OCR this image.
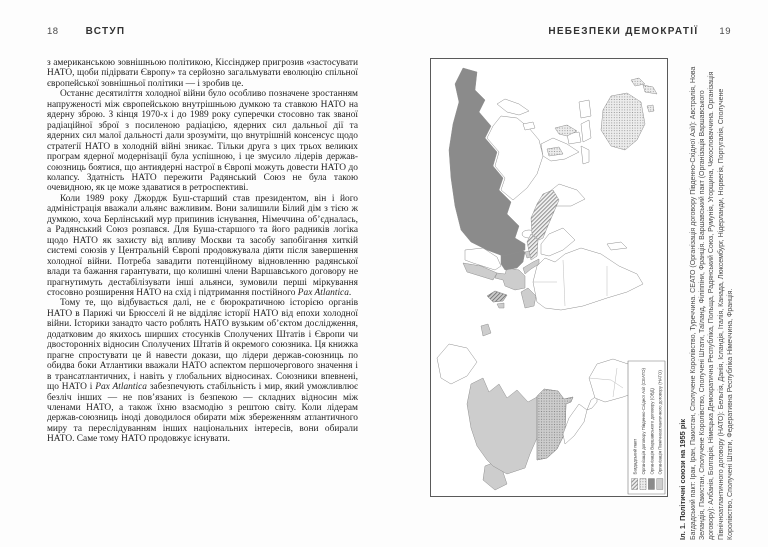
18	ВСТУП

з американською зовнішньою політикою, Кіссінджер пригрозив «застосувати НАТО, щоби підірвати Європу» та серйозно загальмувати еволюцію спільної європейської зовнішньої політики — і зробив це.

Останнє десятиліття холодної війни було особливо позначене зростанням напруженості між європейською внутрішньою думкою та ставкою НАТО на ядерну зброю. З кінця 1970-х і до 1989 року суперечки стосовно так званої радіаційної зброї з посиленою радіацією, ядерних сил дальньої дії та ядерних сил малої дальності дали зрозуміти, що внутрішній консенсус щодо стратегії НАТО в холодній війні зникає. Тільки друга з цих трьох великих програм ядерної модернізації була успішною, і це змусило лідерів держав-союзниць боятися, що антиядерні настрої в Європі можуть довести НАТО до колапсу. Здатність НАТО пережити Радянський Союз не була такою очевидною, як це може здаватися в ретроспективі.

Коли 1989 року Джордж Буш-старший став президентом, він і його адміністрація вважали альянс важливим. Вони залишили Білий дім з тією ж думкою, хоча Берлінський мур припинив існування, Німеччина об’єдналась, а Радянський Союз розпався. Для Буша-старшого та його радників логіка щодо НАТО як захисту від впливу Москви та засобу запобігання хиткій системі союзів у Центральній Європі продовжувала діяти після завершення холодної війни. Потреба завадити потенційному відновленню радянської влади та бажання гарантувати, що колишні члени Варшавського договору не прагнутимуть дестабілізувати інші альянси, зумовили перші міркування стосовно розширення НАТО на схід і підтримання постійного Pax Atlantica.

Тому те, що відбувається далі, не є бюрократичною історією органів НАТО в Парижі чи Брюсселі й не відділяє історії НАТО від епохи холодної війни. Історики занадто часто роблять НАТО вузьким об’єктом дослідження, додатковим до якихось ширших стосунків Сполучених Штатів і Європи чи двосторонніх відносин Сполучених Штатів й окремого союзника. Ця книжка прагне спростувати це й навести докази, що лідери держав-союзниць по обидва боки Атлантики вважали НАТО аспектом першочергового значення і в трансатлантичних, і навіть у глобальних відносинах. Союзники впевнені, що НАТО і Pax Atlantica забезпечують стабільність і мир, який уможливлює безліч інших — не пов’язаних із безпекою — складних відносин між членами НАТО, а також їхню взаємодію з рештою світу. Коли лідерам держав-союзниць іноді доводилося обирати між збереженням атлантичного миру та переслідуванням інших національних інтересів, вони обирали НАТО. Саме тому НАТО продовжує існувати.

НЕБЕЗПЕКИ ДЕМОКРАТІЇ 19
Багдадський пакт Організація договору Південно-Східної Азії (СЕАТО) Організація Варшавського договору (ОВД) Організація Північноатлантичного договору (НАТО) Іл. 1. Політичні союзи на 1955 рік Багдадський пакт: Ірак, Іран, Пакистан, Сполучене Королівство, Туреччина. СЕАТО (Організація договору Південно-Східної Азії): Австралія, Нова Зеландія, Пакистан, Сполучене Королівство, Сполучені Штати, Таїланд, Філіппіни, Франція. Варшавський пакт (Організація Варшавського договору): Албанія, Болгарія, Німецька Демократична Республіка, Польща, Радянський Союз, Румунія, Угорщина, Чехословаччина. Організація Північноатлантичного договору (НАТО): Бельгія, Данія, Ісландія, Італія, Канада, Люксембург, Нідерланди, Норвегія, Португалія, Сполучене Королівство, Сполучені Штати, Федеративна Республіка Німеччина, Франція.
